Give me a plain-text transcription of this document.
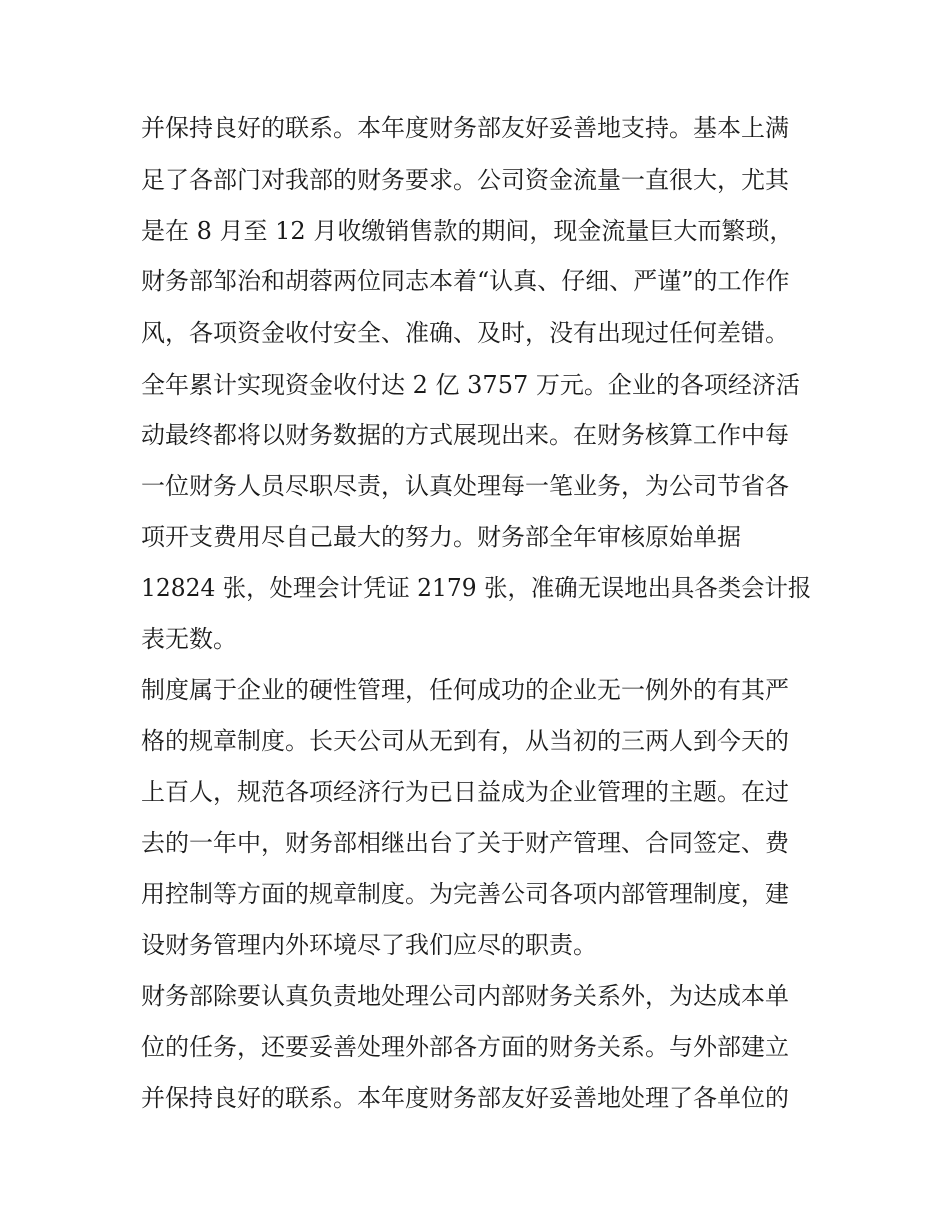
并保持良好的联系。本年度财务部友好妥善地支持。基本上满
足了各部门对我部的财务要求。公司资金流量一直很大，尤其
是在 8 月至 12 月收缴销售款的期间，现金流量巨大而繁琐，
财务部邹治和胡蓉两位同志本着“认真、仔细、严谨”的工作作
风，各项资金收付安全、准确、及时，没有出现过任何差错。
全年累计实现资金收付达 2 亿 3757 万元。企业的各项经济活
动最终都将以财务数据的方式展现出来。在财务核算工作中每
一位财务人员尽职尽责，认真处理每一笔业务，为公司节省各
项开支费用尽自己最大的努力。财务部全年审核原始单据
12824 张，处理会计凭证 2179 张，准确无误地出具各类会计报
表无数。
制度属于企业的硬性管理，任何成功的企业无一例外的有其严
格的规章制度。长天公司从无到有，从当初的三两人到今天的
上百人，规范各项经济行为已日益成为企业管理的主题。在过
去的一年中，财务部相继出台了关于财产管理、合同签定、费
用控制等方面的规章制度。为完善公司各项内部管理制度，建
设财务管理内外环境尽了我们应尽的职责。
财务部除要认真负责地处理公司内部财务关系外，为达成本单
位的任务，还要妥善处理外部各方面的财务关系。与外部建立
并保持良好的联系。本年度财务部友好妥善地处理了各单位的
